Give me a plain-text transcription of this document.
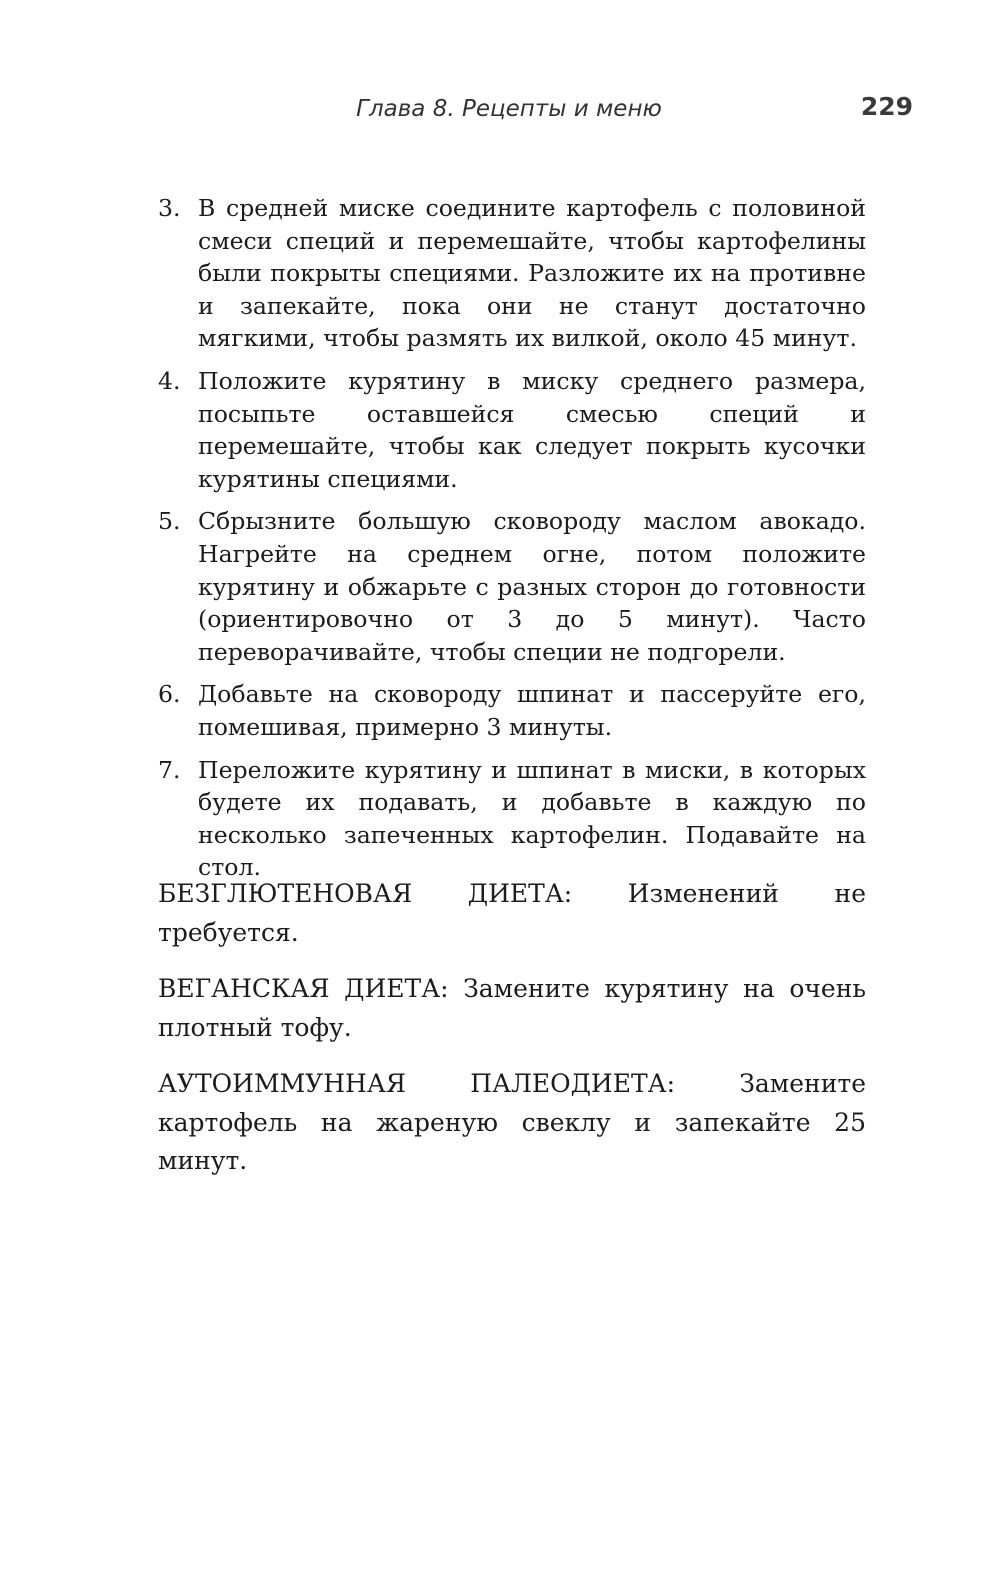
Глава 8. Рецепты и меню	229
3. В средней миске соедините картофель с половиной смеси специй и перемешайте, чтобы картофелины были покрыты специями. Разложите их на противне и запекайте, пока они не станут достаточно мягкими, чтобы размять их вилкой, около 45 минут.
4. Положите курятину в миску среднего размера, посыпьте оставшейся смесью специй и перемешайте, чтобы как следует покрыть кусочки курятины специями.
5. Сбрызните большую сковороду маслом авокадо. Нагрейте на среднем огне, потом положите курятину и обжарьте с разных сторон до готовности (ориентировочно от 3 до 5 минут). Часто переворачивайте, чтобы специи не подгорели.
6. Добавьте на сковороду шпинат и пассеруйте его, помешивая, примерно 3 минуты.
7. Переложите курятину и шпинат в миски, в которых будете их подавать, и добавьте в каждую по несколько запеченных картофелин. Подавайте на стол.

БЕЗГЛЮТЕНОВАЯ ДИЕТА: Изменений не требуется.

ВЕГАНСКАЯ ДИЕТА: Замените курятину на очень плотный тофу.

АУТОИММУННАЯ ПАЛЕОДИЕТА: Замените картофель на жареную свеклу и запекайте 25 минут.
